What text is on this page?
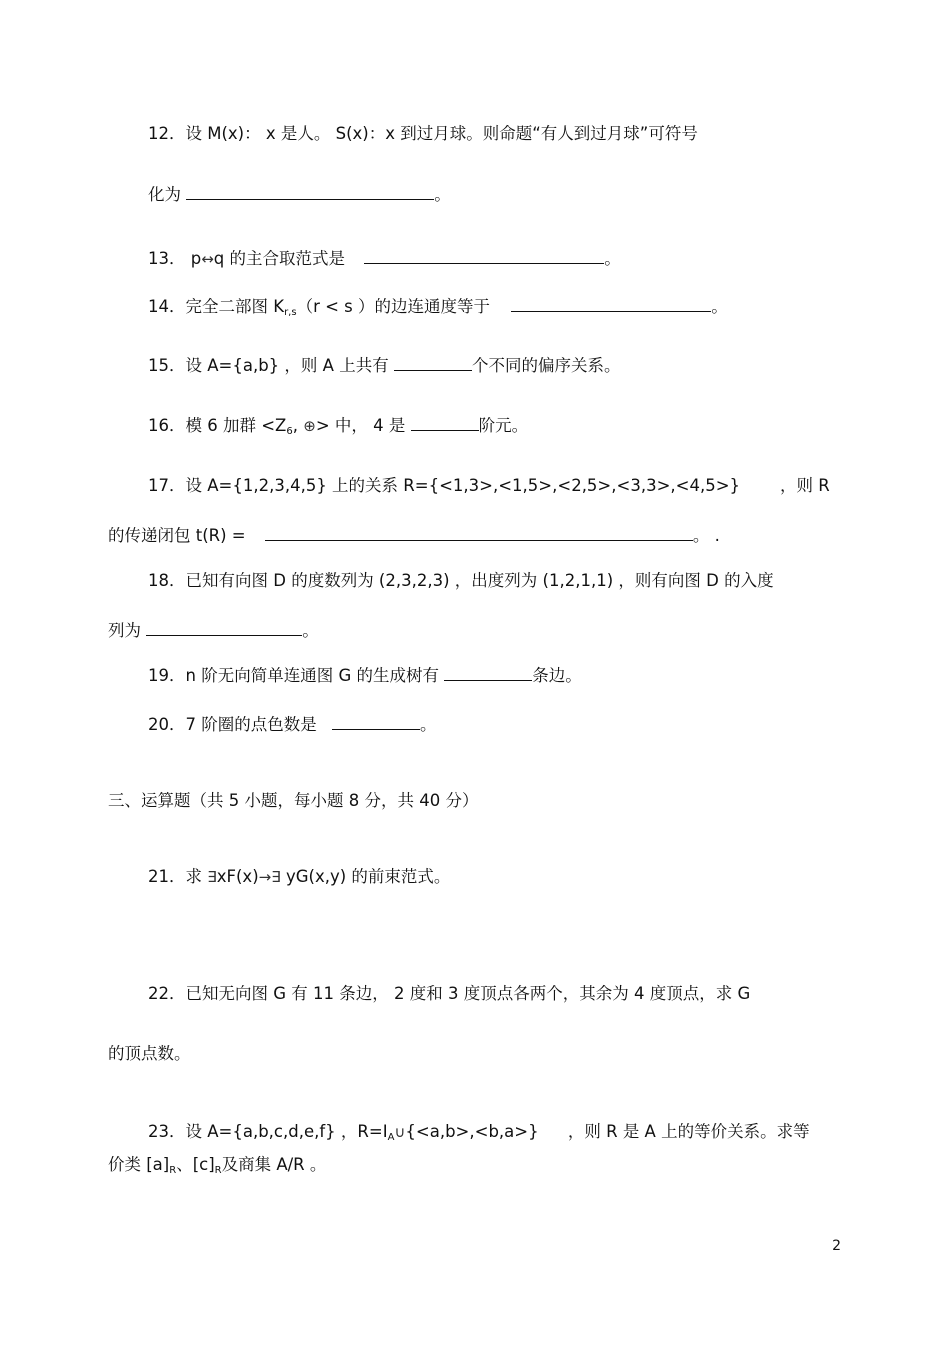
12．设 M(x)： x 是人。 S(x)：x 到过月球。则命题“有人到过月球”可符号
化为	。
13． p↔q 的主合取范式是	。
14．完全二部图 Kr,s（r < s ）的边连通度等于	。
15．设 A={a,b} ，则 A 上共有	个不同的偏序关系。
16．模 6 加群 <Z6, ⊕> 中， 4 是	阶元。
17．设 A={1,2,3,4,5} 上的关系 R={<1,3>,<1,5>,<2,5>,<3,3>,<4,5>} ，则 R
的传递闭包 t(R) =	。 .
18．已知有向图 D 的度数列为 (2,3,2,3) ，出度列为 (1,2,1,1) ，则有向图 D 的入度
列为	。
19．n 阶无向简单连通图 G 的生成树有	条边。
20．7 阶圈的点色数是	。
三、运算题（共 5 小题，每小题 8 分，共 40 分）
21．求 ∃xF(x)→∃ yG(x,y) 的前束范式。
22．已知无向图 G 有 11 条边， 2 度和 3 度顶点各两个，其余为 4 度顶点，求 G
的顶点数。
23．设 A={a,b,c,d,e,f} ，R=IA∪{<a,b>,<b,a>} ，则 R 是 A 上的等价关系。求等
价类 [a]R、[c]R及商集 A/R 。
2
